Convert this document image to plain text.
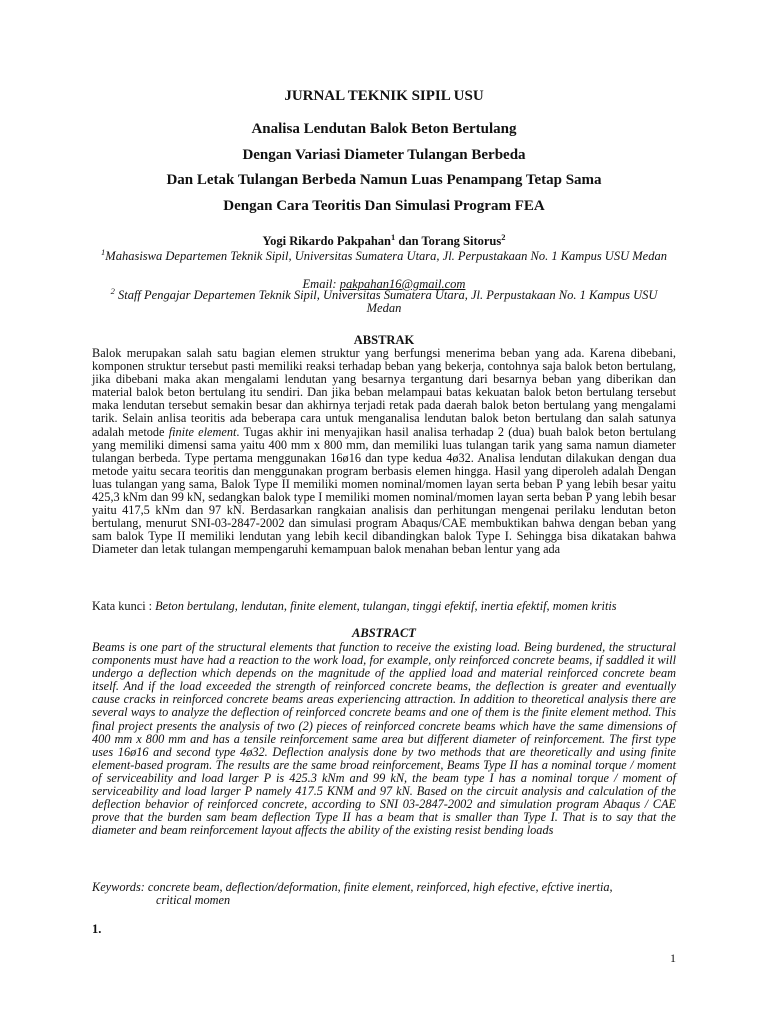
JURNAL TEKNIK SIPIL USU
Analisa Lendutan Balok Beton Bertulang
Dengan Variasi Diameter Tulangan Berbeda
Dan Letak Tulangan Berbeda Namun Luas Penampang Tetap Sama
Dengan Cara Teoritis Dan Simulasi Program FEA
Yogi Rikardo Pakpahan$^1$ dan Torang Sitorus$^2$
$^1$Mahasiswa Departemen Teknik Sipil, Universitas Sumatera Utara, Jl. Perpustakaan No. 1 Kampus USU Medan
Email: pakpahan16@gmail.com
$^2$ Staff Pengajar Departemen Teknik Sipil, Universitas Sumatera Utara, Jl. Perpustakaan No. 1 Kampus USU Medan
ABSTRAK
Balok merupakan salah satu bagian elemen struktur yang berfungsi menerima beban yang ada. Karena dibebani, komponen struktur tersebut pasti memiliki reaksi terhadap beban yang bekerja, contohnya saja balok beton bertulang, jika dibebani maka akan mengalami lendutan yang besarnya tergantung dari besarnya beban yang diberikan dan material balok beton bertulang itu sendiri. Dan jika beban melampaui batas kekuatan balok beton bertulang tersebut maka lendutan tersebut semakin besar dan akhirnya terjadi retak pada daerah balok beton bertulang yang mengalami tarik. Selain anlisa teoritis ada beberapa cara untuk menganalisa lendutan balok beton bertulang dan salah satunya adalah metode finite element. Tugas akhir ini menyajikan hasil analisa terhadap 2 (dua) buah balok beton bertulang yang memiliki dimensi sama yaitu 400 mm x 800 mm, dan memiliki luas tulangan tarik yang sama namun diameter tulangan berbeda. Type pertama menggunakan 16ø16 dan type kedua 4ø32. Analisa lendutan dilakukan dengan dua metode yaitu secara teoritis dan menggunakan program berbasis elemen hingga. Hasil yang diperoleh adalah Dengan luas tulangan yang sama, Balok Type II memiliki momen nominal/momen layan serta beban P yang lebih besar yaitu 425,3 kNm dan 99 kN, sedangkan balok type I memiliki momen nominal/momen layan serta beban P yang lebih besar yaitu 417,5 kNm dan 97 kN. Berdasarkan rangkaian analisis dan perhitungan mengenai perilaku lendutan beton bertulang, menurut SNI-03-2847-2002 dan simulasi program Abaqus/CAE membuktikan bahwa dengan beban yang sam balok Type II memiliki lendutan yang lebih kecil dibandingkan balok Type I. Sehingga bisa dikatakan bahwa Diameter dan letak tulangan mempengaruhi kemampuan balok menahan beban lentur yang ada
Kata kunci : Beton bertulang, lendutan, finite element, tulangan, tinggi efektif, inertia efektif, momen kritis
ABSTRACT
Beams is one part of the structural elements that function to receive the existing load. Being burdened, the structural components must have had a reaction to the work load, for example, only reinforced concrete beams, if saddled it will undergo a deflection which depends on the magnitude of the applied load and material reinforced concrete beam itself. And if the load exceeded the strength of reinforced concrete beams, the deflection is greater and eventually cause cracks in reinforced concrete beams areas experiencing attraction. In addition to theoretical analysis there are several ways to analyze the deflection of reinforced concrete beams and one of them is the finite element method. This final project presents the analysis of two (2) pieces of reinforced concrete beams which have the same dimensions of 400 mm x 800 mm and has a tensile reinforcement same area but different diameter of reinforcement. The first type uses 16ø16 and second type 4ø32. Deflection analysis done by two methods that are theoretically and using finite element-based program. The results are the same broad reinforcement, Beams Type II has a nominal torque / moment of serviceability and load larger P is 425.3 kNm and 99 kN, the beam type I has a nominal torque / moment of serviceability and load larger P namely 417.5 KNM and 97 kN. Based on the circuit analysis and calculation of the deflection behavior of reinforced concrete, according to SNI 03-2847-2002 and simulation program Abaqus / CAE prove that the burden sam beam deflection Type II has a beam that is smaller than Type I. That is to say that the diameter and beam reinforcement layout affects the ability of the existing resist bending loads
Keywords: concrete beam, deflection/deformation, finite element, reinforced, high efective, efctive inertia,
critical momen
1.
1
